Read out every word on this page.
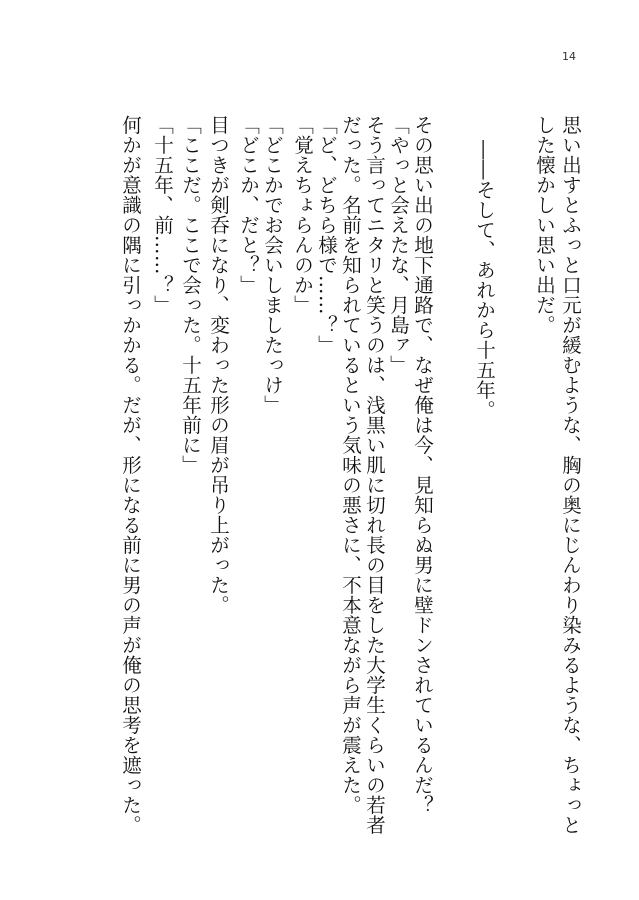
14
思い出すとふっと口元が緩むような、胸の奥にじんわり染みるような、ちょっと
した懐かしい思い出だ。
――そして、あれから十五年。
その思い出の地下通路で、なぜ俺は今、見知らぬ男に壁ドンされているんだ？
「やっと会えたな、月島ァ」
そう言ってニタリと笑うのは、浅黒い肌に切れ長の目をした大学生くらいの若者
だった。名前を知られているという気味の悪さに、不本意ながら声が震えた。
「ど、どちら様で……？」
「覚えちょらんのか」
「どこかでお会いしましたっけ」
「どこか、だと？」
目つきが剣呑になり、変わった形の眉が吊り上がった。
「ここだ。ここで会った。十五年前に」
「十五年、前……？」
何かが意識の隅に引っかかる。だが、形になる前に男の声が俺の思考を遮った。
